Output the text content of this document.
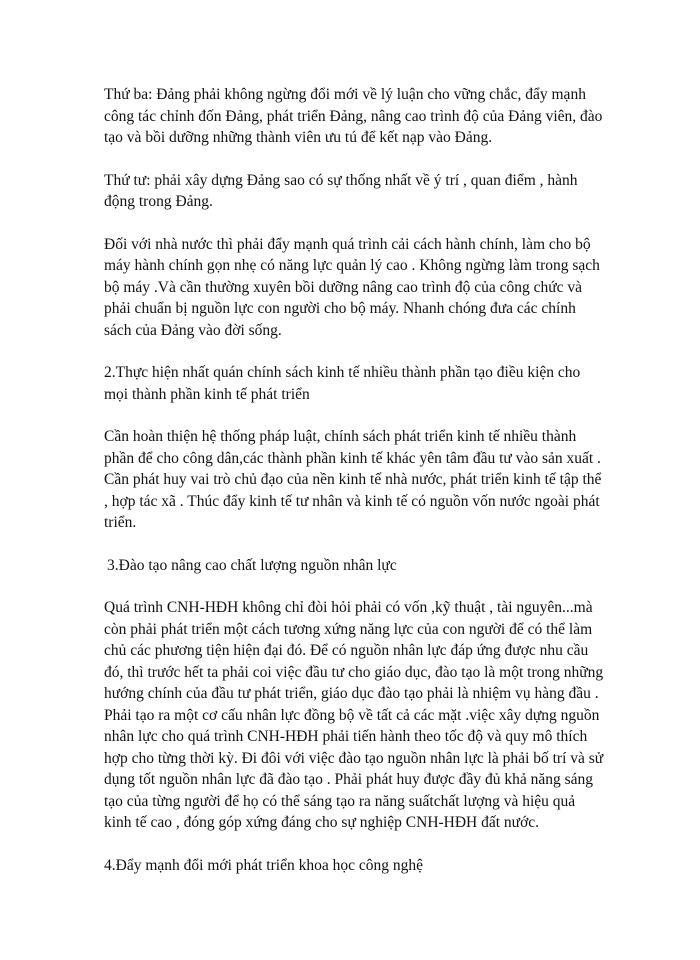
Thứ ba: Đảng phải không ngừng đổi mới về lý luận cho vững chắc, đẩy mạnh công tác chỉnh đốn Đảng, phát triển Đảng, nâng cao trình độ của Đảng viên, đào tạo và bồi dưỡng những thành viên ưu tú để kết nạp vào Đảng.

Thứ tư: phải xây dựng Đảng sao có sự thống nhất về ý trí , quan điểm , hành động trong Đảng.

Đối với nhà nước thì phải đẩy mạnh quá trình cải cách hành chính, làm cho bộ máy hành chính gọn nhẹ có năng lực quản lý cao . Không ngừng làm trong sạch bộ máy .Và cần thường xuyên bồi dưỡng nâng cao trình độ của công chức và phải chuẩn bị nguồn lực con người cho bộ máy. Nhanh chóng đưa các chính sách của Đảng vào đời sống.

2.Thực hiện nhất quán chính sách kinh tế nhiều thành phần tạo điều kiện cho mọi thành phần kinh tế phát triển

Cần hoàn thiện hệ thống pháp luật, chính sách phát triển kinh tế nhiều thành phần để cho công dân,các thành phần kinh tế khác yên tâm đầu tư vào sản xuất . Cần phát huy vai trò chủ đạo của nền kinh tế nhà nước, phát triển kinh tế tập thể , hợp tác xã . Thúc đẩy kinh tế tư nhân và kinh tế có nguồn vốn nước ngoài phát triển.

3.Đào tạo nâng cao chất lượng nguồn nhân lực

Quá trình CNH-HĐH không chỉ đòi hỏi phải có vốn ,kỹ thuật , tài nguyên...mà còn phải phát triển một cách tương xứng năng lực của con người để có thể làm chủ các phương tiện hiện đại đó. Để có nguồn nhân lực đáp ứng được nhu cầu đó, thì trước hết ta phải coi việc đầu tư cho giáo dục, đào tạo là một trong những hướng chính của đầu tư phát triển, giáo dục đào tạo phải là nhiệm vụ hàng đầu . Phải tạo ra một cơ cấu nhân lực đồng bộ về tất cả các mặt .việc xây dựng nguồn nhân lực cho quá trình CNH-HĐH phải tiến hành theo tốc độ và quy mô thích hợp cho từng thời kỳ. Đi đôi với việc đào tạo nguồn nhân lực là phải bố trí và sử dụng tốt nguồn nhân lực đã đào tạo . Phải phát huy được đầy đủ khả năng sáng tạo của từng người để họ có thể sáng tạo ra năng suấtchất lượng và hiệu quả kinh tế cao , đóng góp xứng đáng cho sự nghiệp CNH-HĐH đất nước.

4.Đẩy mạnh đổi mới phát triển khoa học công nghệ
